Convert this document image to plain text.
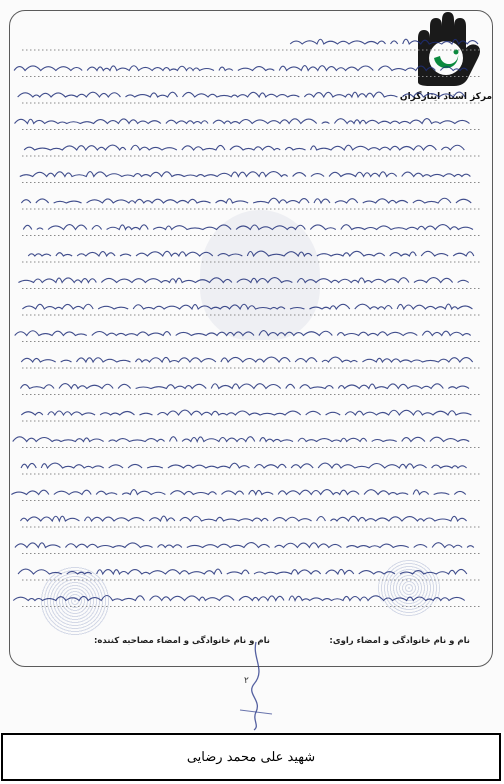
مرکز اسناد ایثارگران
نام و نام خانوادگی و امضاء راوی:
نام و نام خانوادگی و امضاء مصاحبه کننده:
۲
شهید علی محمد رضایی
